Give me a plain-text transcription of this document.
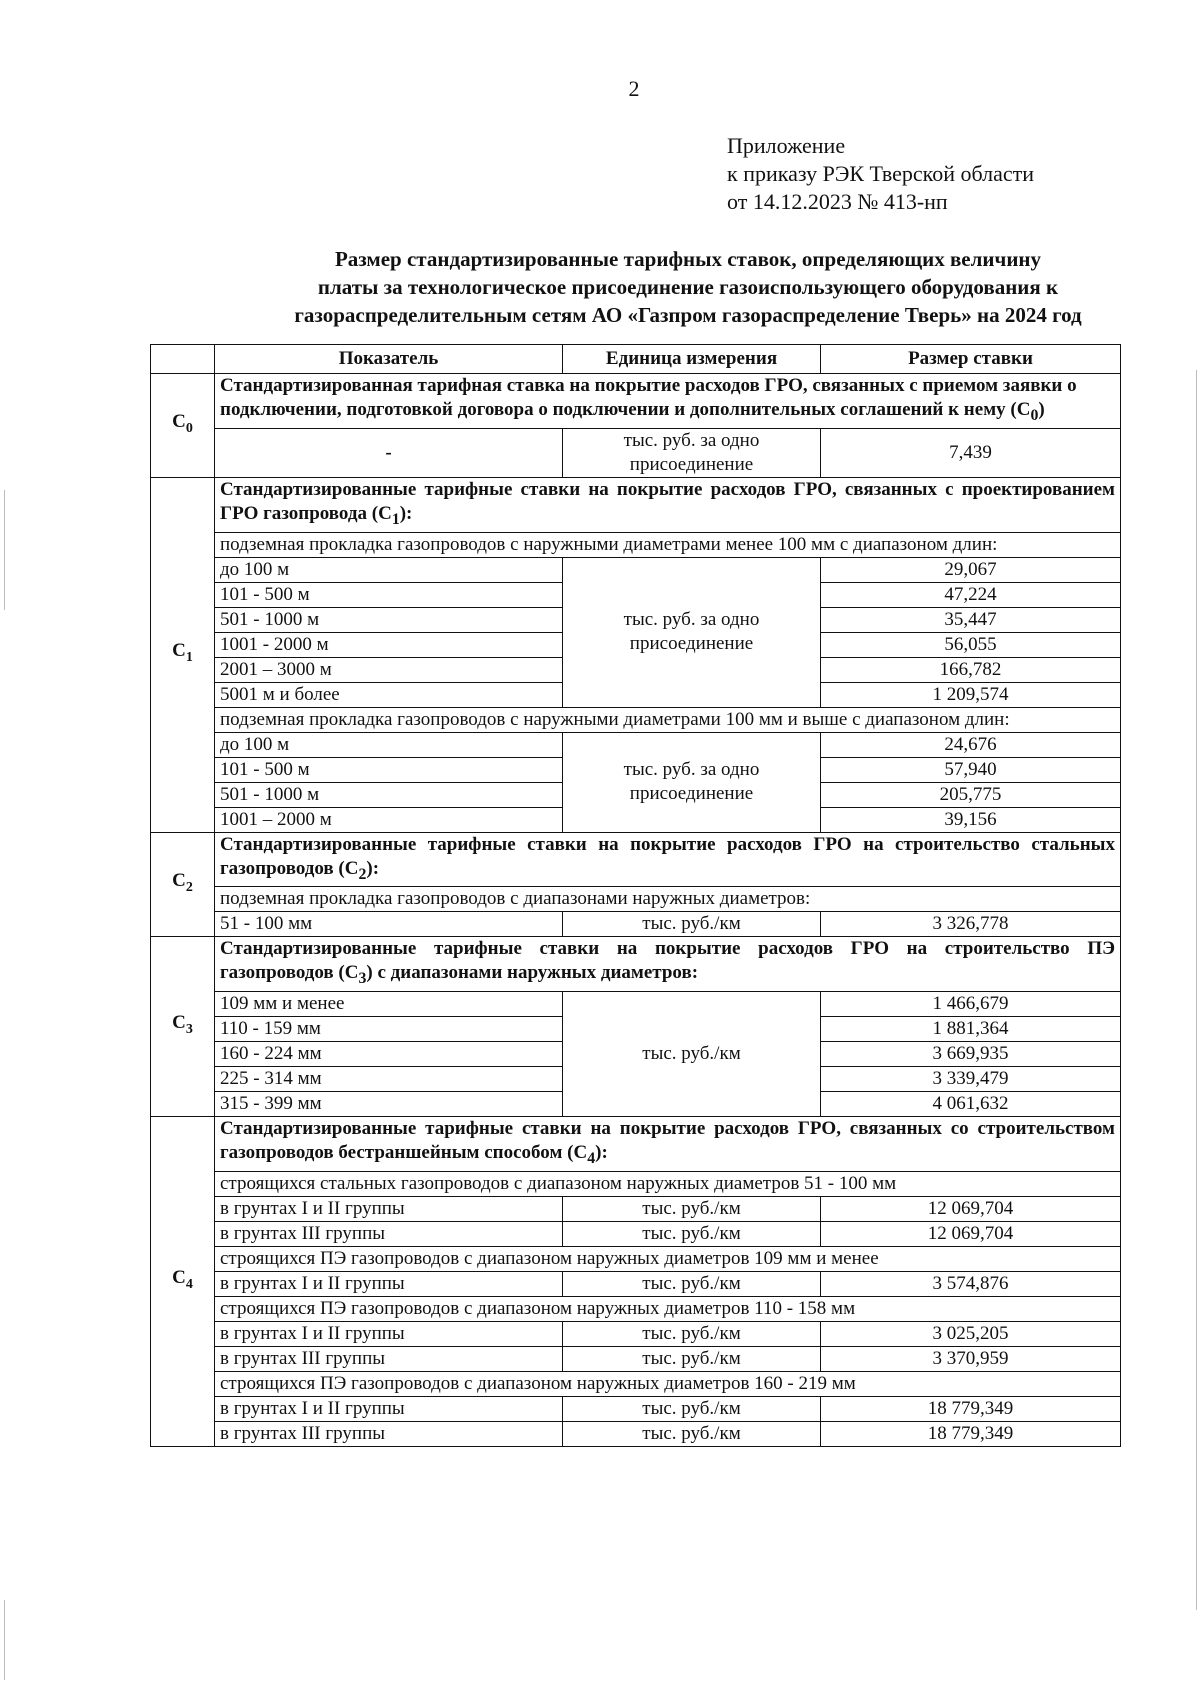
2
Приложение
к приказу РЭК Тверской области
от 14.12.2023 № 413-нп
Размер стандартизированные тарифных ставок, определяющих величину
платы за технологическое присоединение газоиспользующего оборудования к
газораспределительным сетям АО «Газпром газораспределение Тверь» на 2024 год
	Показатель	Единица измерения	Размер ставки
$C_0$	Стандартизированная тарифная ставка на покрытие расходов ГРО, связанных с приемом заявки о подключении, подготовкой договора о подключении и дополнительных соглашений к нему $(C_0)$		
	-	тыс. руб. за одно присоединение	7,439
$C_1$	Стандартизированные тарифные ставки на покрытие расходов ГРО, связанных с проектированием ГРО газопровода $(C_1)$:		
	подземная прокладка газопроводов с наружными диаметрами менее 100 мм с диапазоном длин:		
	до 100 м	тыс. руб. за одно присоединение	29,067
	101 - 500 м		47,224
	501 - 1000 м		35,447
	1001 - 2000 м		56,055
	2001 – 3000 м		166,782
	5001 м и более		1 209,574
	подземная прокладка газопроводов с наружными диаметрами 100 мм и выше с диапазоном длин:		
	до 100 м	тыс. руб. за одно присоединение	24,676
	101 - 500 м		57,940
	501 - 1000 м		205,775
	1001 – 2000 м		39,156
$C_2$	Стандартизированные тарифные ставки на покрытие расходов ГРО на строительство стальных газопроводов $(C_2)$:		
	подземная прокладка газопроводов с диапазонами наружных диаметров:		
	51 - 100 мм	тыс. руб./км	3 326,778
$C_3$	Стандартизированные тарифные ставки на покрытие расходов ГРО на строительство ПЭ газопроводов $(C_3)$ с диапазонами наружных диаметров:		
	109 мм и менее	тыс. руб./км	1 466,679
	110 - 159 мм		1 881,364
	160 - 224 мм		3 669,935
	225 - 314 мм		3 339,479
	315 - 399 мм		4 061,632
$C_4$	Стандартизированные тарифные ставки на покрытие расходов ГРО, связанных со строительством газопроводов бестраншейным способом $(C_4)$:		
	строящихся стальных газопроводов с диапазоном наружных диаметров 51 - 100 мм		
	в грунтах I и II группы	тыс. руб./км	12 069,704
	в грунтах III группы	тыс. руб./км	12 069,704
	строящихся ПЭ газопроводов с диапазоном наружных диаметров 109 мм и менее		
	в грунтах I и II группы	тыс. руб./км	3 574,876
	строящихся ПЭ газопроводов с диапазоном наружных диаметров 110 - 158 мм		
	в грунтах I и II группы	тыс. руб./км	3 025,205
	в грунтах III группы	тыс. руб./км	3 370,959
	строящихся ПЭ газопроводов с диапазоном наружных диаметров 160 - 219 мм		
	в грунтах I и II группы	тыс. руб./км	18 779,349
	в грунтах III группы	тыс. руб./км	18 779,349
